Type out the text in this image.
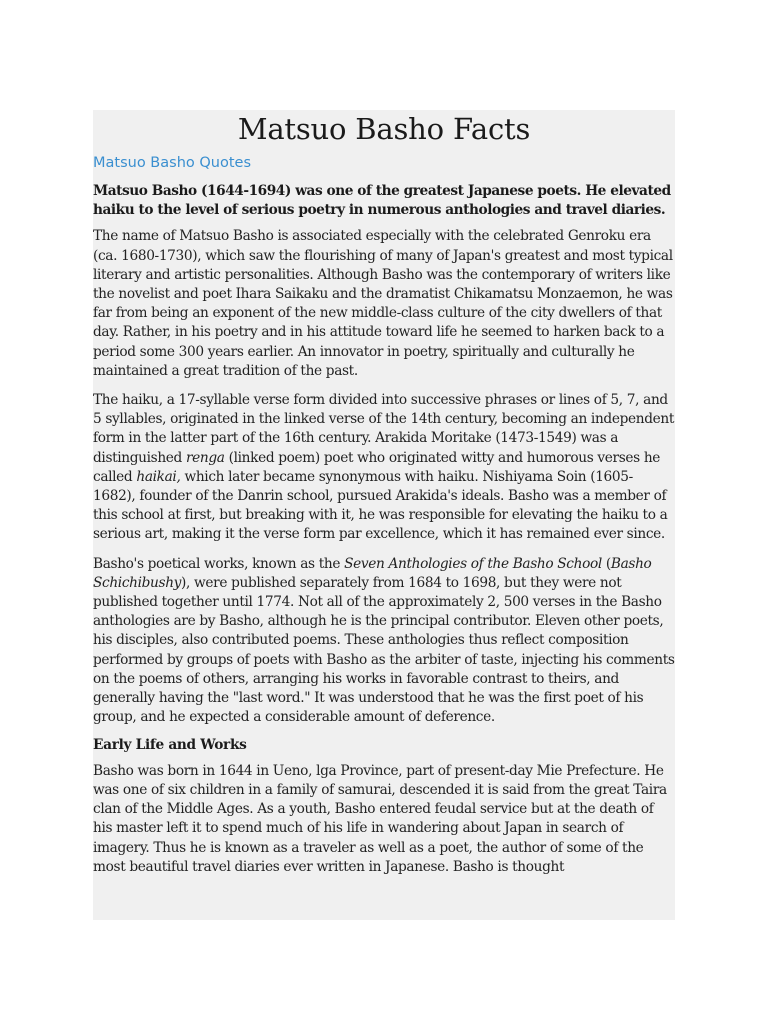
Matsuo Basho Facts
Matsuo Basho Quotes

Matsuo Basho (1644-1694) was one of the greatest Japanese poets. He elevated haiku to the level of serious poetry in numerous anthologies and travel diaries.

The name of Matsuo Basho is associated especially with the celebrated Genroku era (ca. 1680-1730), which saw the flourishing of many of Japan's greatest and most typical literary and artistic personalities. Although Basho was the contemporary of writers like the novelist and poet Ihara Saikaku and the dramatist Chikamatsu Monzaemon, he was far from being an exponent of the new middle-class culture of the city dwellers of that day. Rather, in his poetry and in his attitude toward life he seemed to harken back to a period some 300 years earlier. An innovator in poetry, spiritually and culturally he maintained a great tradition of the past.

The haiku, a 17-syllable verse form divided into successive phrases or lines of 5, 7, and 5 syllables, originated in the linked verse of the 14th century, becoming an independent form in the latter part of the 16th century. Arakida Moritake (1473-1549) was a distinguished renga (linked poem) poet who originated witty and humorous verses he called haikai, which later became synonymous with haiku. Nishiyama Soin (1605-1682), founder of the Danrin school, pursued Arakida's ideals. Basho was a member of this school at first, but breaking with it, he was responsible for elevating the haiku to a serious art, making it the verse form par excellence, which it has remained ever since.

Basho's poetical works, known as the Seven Anthologies of the Basho School (Basho Schichibushy), were published separately from 1684 to 1698, but they were not published together until 1774. Not all of the approximately 2, 500 verses in the Basho anthologies are by Basho, although he is the principal contributor. Eleven other poets, his disciples, also contributed poems. These anthologies thus reflect composition performed by groups of poets with Basho as the arbiter of taste, injecting his comments on the poems of others, arranging his works in favorable contrast to theirs, and generally having the "last word." It was understood that he was the first poet of his group, and he expected a considerable amount of deference.

Early Life and Works

Basho was born in 1644 in Ueno, lga Province, part of present-day Mie Prefecture. He was one of six children in a family of samurai, descended it is said from the great Taira clan of the Middle Ages. As a youth, Basho entered feudal service but at the death of his master left it to spend much of his life in wandering about Japan in search of imagery. Thus he is known as a traveler as well as a poet, the author of some of the most beautiful travel diaries ever written in Japanese. Basho is thought
